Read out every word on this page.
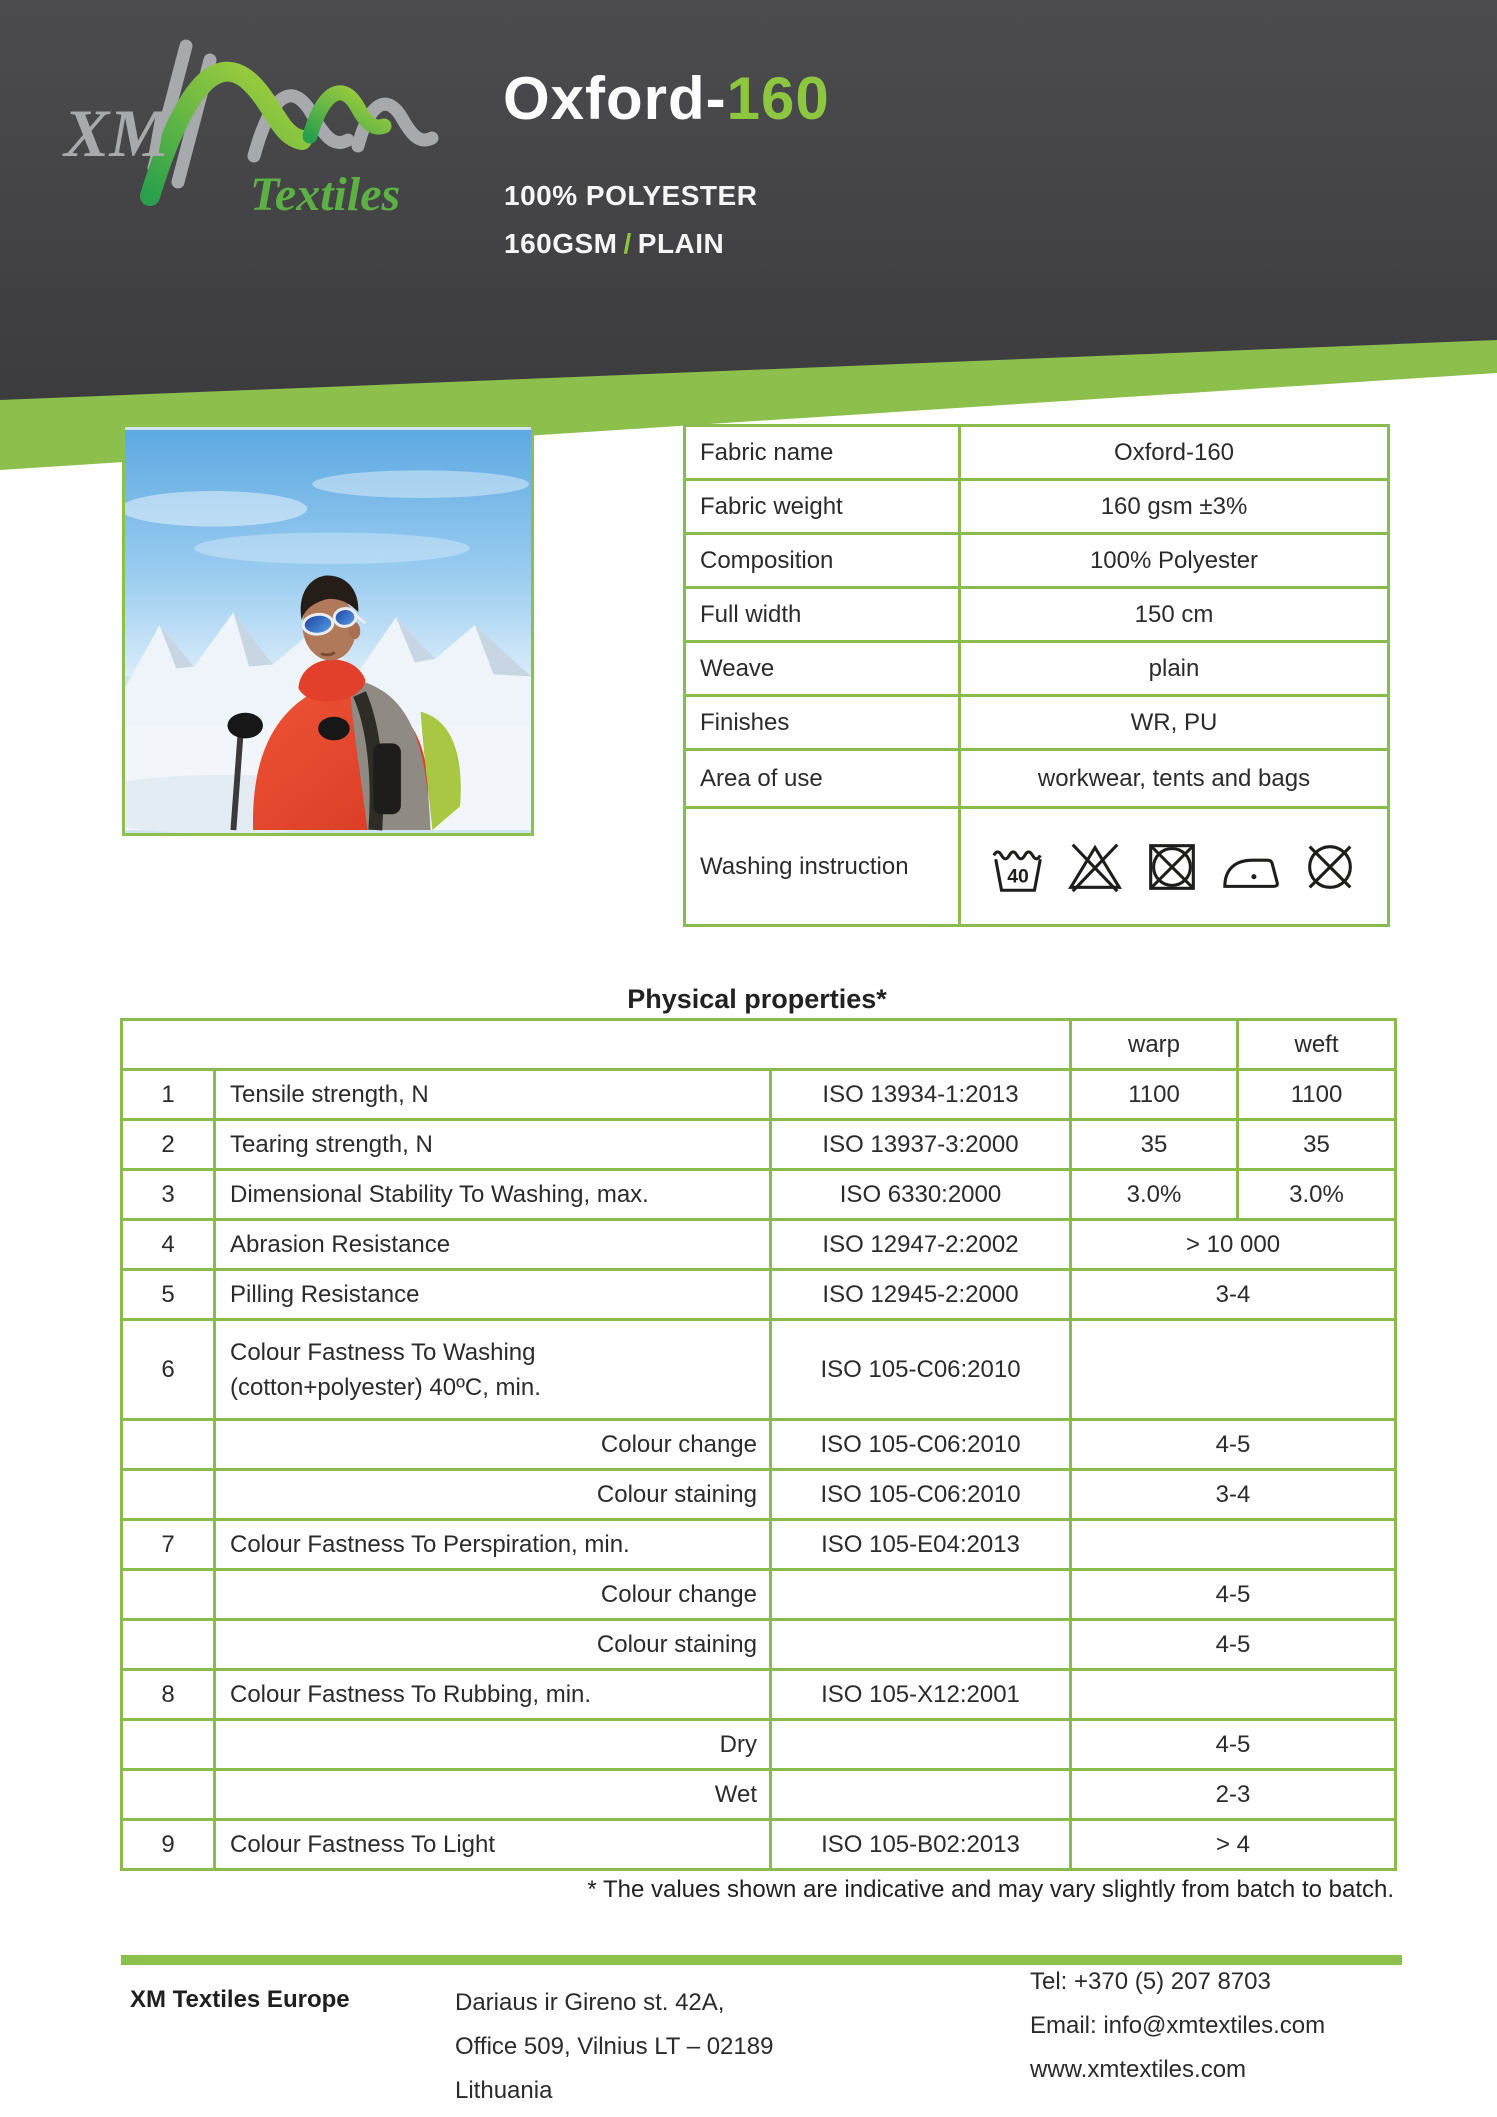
XM
Textiles
Oxford-160
100% POLYESTER
160GSM / PLAIN
Fabric name	Oxford-160
Fabric weight	160 gsm ±3%
Composition	100% Polyester
Full width	150 cm
Weave	plain
Finishes	WR, PU
Area of use	workwear, tents and bags
Washing instruction	40
Physical properties*
			warp	weft
1	Tensile strength, N	ISO 13934-1:2013	1100	1100
2	Tearing strength, N	ISO 13937-3:2000	35	35
3	Dimensional Stability To Washing, max.	ISO 6330:2000	3.0%	3.0%
4	Abrasion Resistance	ISO 12947-2:2002	> 10 000	
5	Pilling Resistance	ISO 12945-2:2000	3-4	
6	Colour Fastness To Washing
(cotton+polyester) 40ºC, min.	ISO 105-C06:2010		
	Colour change	ISO 105-C06:2010	4-5	
	Colour staining	ISO 105-C06:2010	3-4	
7	Colour Fastness To Perspiration, min.	ISO 105-E04:2013		
	Colour change		4-5	
	Colour staining		4-5	
8	Colour Fastness To Rubbing, min.	ISO 105-X12:2001		
	Dry		4-5	
	Wet		2-3	
9	Colour Fastness To Light	ISO 105-B02:2013	> 4	
* The values shown are indicative and may vary slightly from batch to batch.
XM Textiles Europe	Dariaus ir Gireno st. 42A,
Office 509, Vilnius LT – 02189
Lithuania
Tel: +370 (5) 207 8703
Email: info@xmtextiles.com
www.xmtextiles.com
